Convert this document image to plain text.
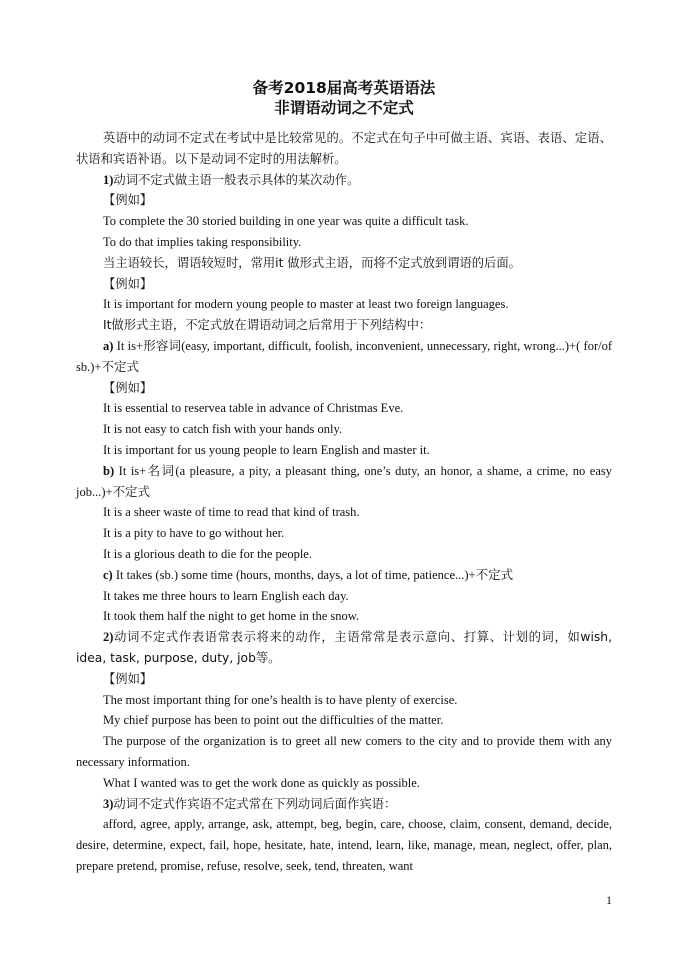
备考2018届高考英语语法
非谓语动词之不定式

英语中的动词不定式在考试中是比较常见的。不定式在句子中可做主语、宾语、表语、定语、状语和宾语补语。以下是动词不定时的用法解析。

1)动词不定式做主语一般表示具体的某次动作。

【例如】

To complete the 30 storied building in one year was quite a difficult task.

To do that implies taking responsibility.

当主语较长，谓语较短时，常用it 做形式主语，而将不定式放到谓语的后面。

【例如】

It is important for modern young people to master at least two foreign languages.

It做形式主语，不定式放在谓语动词之后常用于下列结构中：

a) It is+形容词(easy, important, difficult, foolish, inconvenient, unnecessary, right, wrong...)+( for/of sb.)+不定式

【例如】

It is essential to reservea table in advance of Christmas Eve.

It is not easy to catch fish with your hands only.

It is important for us young people to learn English and master it.

b) It is+名词(a pleasure, a pity, a pleasant thing, one’s duty, an honor, a shame, a crime, no easy job...)+不定式

It is a sheer waste of time to read that kind of trash.

It is a pity to have to go without her.

It is a glorious death to die for the people.

c) It takes (sb.) some time (hours, months, days, a lot of time, patience...)+不定式

It takes me three hours to learn English each day.

It took them half the night to get home in the snow.

2)动词不定式作表语常表示将来的动作，主语常常是表示意向、打算、计划的词，如wish, idea, task, purpose, duty, job等。

【例如】

The most important thing for one’s health is to have plenty of exercise.

My chief purpose has been to point out the difficulties of the matter.

The purpose of the organization is to greet all new comers to the city and to provide them with any necessary information.

What I wanted was to get the work done as quickly as possible.

3)动词不定式作宾语不定式常在下列动词后面作宾语：

afford, agree, apply, arrange, ask, attempt, beg, begin, care, choose, claim, consent, demand, decide, desire, determine, expect, fail, hope, hesitate, hate, intend, learn, like, manage, mean, neglect, offer, plan, prepare pretend, promise, refuse, resolve, seek, tend, threaten, want

1
